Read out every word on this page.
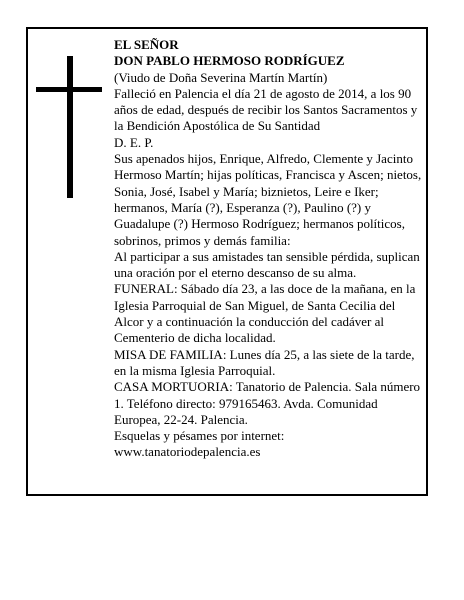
EL SEÑOR

DON PABLO HERMOSO RODRÍGUEZ

(Viudo de Doña Severina Martín Martín)

Falleció en Palencia el día 21 de agosto de 2014, a los 90 años de edad, después de recibir los Santos Sacramentos y la Bendición Apostólica de Su Santidad

D. E. P.

Sus apenados hijos, Enrique, Alfredo, Clemente y Jacinto Hermoso Martín; hijas políticas, Francisca y Ascen; nietos, Sonia, José, Isabel y María; biznietos, Leire e Iker; hermanos, María (?), Esperanza (?), Paulino (?) y Guadalupe (?) Hermoso Rodríguez; hermanos políticos, sobrinos, primos y demás familia:

Al participar a sus amistades tan sensible pérdida, suplican una oración por el eterno descanso de su alma.

FUNERAL: Sábado día 23, a las doce de la mañana, en la Iglesia Parroquial de San Miguel, de Santa Cecilia del Alcor y a continuación la conducción del cadáver al Cementerio de dicha localidad.

MISA DE FAMILIA: Lunes día 25, a las siete de la tarde, en la misma Iglesia Parroquial.

CASA MORTUORIA: Tanatorio de Palencia. Sala número 1. Teléfono directo: 979165463. Avda. Comunidad Europea, 22-24. Palencia.

Esquelas y pésames por internet:

www.tanatoriodepalencia.es
